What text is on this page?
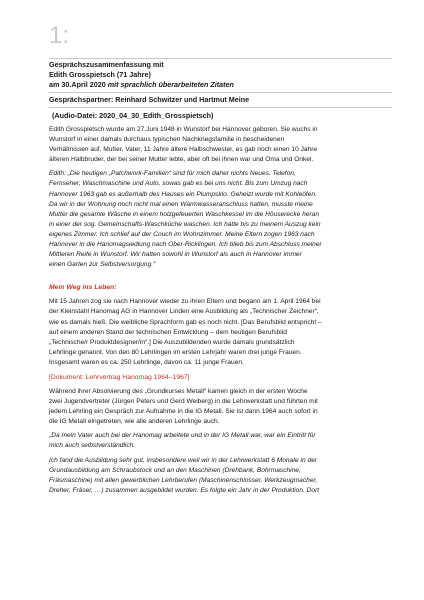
1:
Gesprächszusammenfassung mit
Edith Grosspietsch (71 Jahre)
am 30.April 2020 mit sprachlich überarbeiteten Zitaten
Gesprächspartner: Reinhard Schwitzer und Hartmut Meine
(Audio-Datei: 2020_04_30_Edith_Grosspietsch)

Edith Grosspietsch wurde am 27.Juni 1948 in Wunstorf bei Hannover geboren. Sie wuchs in

Wunstorf in einer damals durchaus typischen Nachkriegsfamilie in bescheidenen

Verhältnissen auf. Mutter, Vater, 11 Jahre ältere Halbschwester, es gab noch einen 10 Jahre

älteren Halbbruder, der bei seiner Mutter lebte, aber oft bei ihnen war und Oma und Onkel.

Edith: „Die heutigen „Patchwork-Familien“ sind für mich daher nichts Neues. Telefon,

Fernseher, Waschmaschine und Auto, sowas gab es bei uns nicht. Bis zum Umzug nach

Hannover 1963 gab es außerhalb des Hauses ein Plumpsklo. Geheizt wurde mit Kohleöfen.

Da wir in der Wohnung noch nicht mal einen Warmwasseranschluss hatten, musste meine

Mutter die gesamte Wäsche in einem holzgefeuerten Waschkessel im die Höuserecke heran

in einer der sog. Gemeinschafts-Waschküche waschen. Ich hatte bis zu meinem Auszug kein

eigenes Zimmer. Ich schlief auf der Couch im Wohnzimmer. Meine Eltern zogen 1963 nach

Hannover in die Hanomagsiedlung nach Ober-Ricklingen. Ich blieb bis zum Abschluss meiner

Mittleren Reife in Wunstorf. Wir hatten sowohl in Wunstorf als auch in Hannover immer

einen Garten zur Selbstversorgung.“

Mein Weg ins Leben:

Mit 15 Jahren zog sie nach Hannover wieder zu ihren Eltern und begann am 1. April 1964 bei

der Kleinstahl Hanomag AG in Hannover Linden eine Ausbildung als „Technischer Zeichner“,

wie es damals hieß. Die weibliche Sprachform gab es noch nicht. [Das Berufsbild entspricht –

auf einem anderen Stand der technischen Entwicklung – dem heutigen Berufsbild

„Technische/r Produktdesigner/in“.] Die Auszubildenden wurde damals grundsätzlich

Lehrlinge genannt. Von den 80 Lehrlingen im ersten Lehrjahr waren drei junge Frauen.

Insgesamt waren es ca. 250 Lehrlinge, davon ca. 11 junge Frauen.

[Dokument: Lehrvertrag Hanomag 1964–1967]

Während ihrer Absolvierung des „Grundkurses Metall“ kamen gleich in der ersten Woche

zwei Jugendvertreter (Jürgen Peters und Gerd Weiberg) in die Lehrwerkstatt und führten mit

jedem Lehrling ein Gespräch zur Aufnahme in die IG Metall. Sie ist dann 1964 auch sofort in

die IG Metall eingetreten, wie alle anderen Lehrlinge auch.

„Da mein Vater auch bei der Hanomag arbeitete und in der IG Metall war, war ein Eintritt für

mich auch selbstverständlich.

Ich fand die Ausbildung sehr gut, insbesondere weil wir in der Lehrwerkstatt 6 Monate in der

Grundausbildung am Schraubstock und an den Maschinen (Drehbank, Bohrmaschine,

Fräsmaschine) mit allen gewerblichen Lehrberufen (Maschinenschlosser, Werkzeugmacher,

Dreher, Fräser, …) zusammen ausgebildet wurden. Es folgte ein Jahr in der Produktion. Dort
